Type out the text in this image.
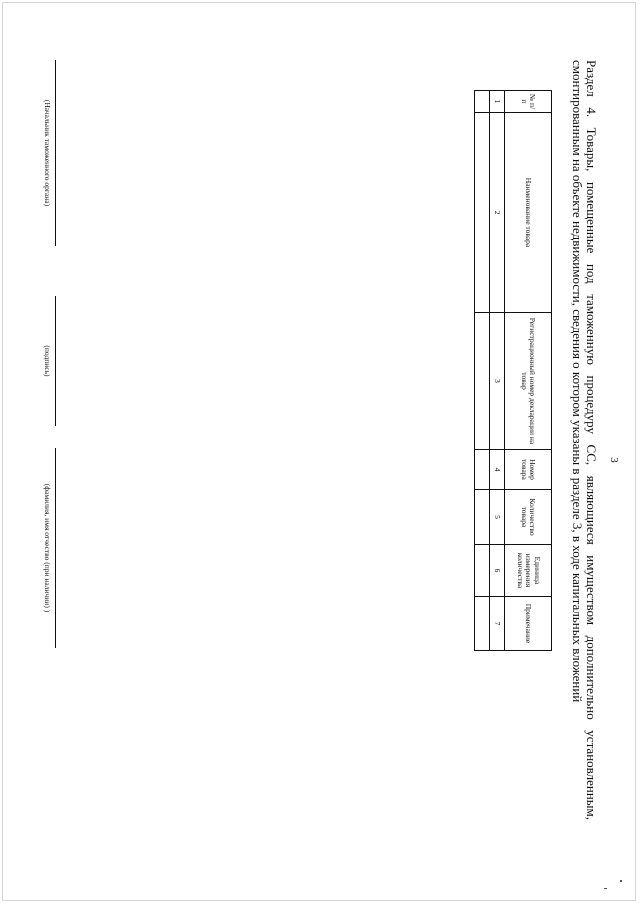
3
Раздел 4. Товары, помещенные под таможенную процедуру СС, являющиеся имуществом дополнительно установленным, смонтированным на объекте недвижимости, сведения о котором указаны в разделе 3, в ходе капитальных вложений
№ п/п	Наименование товара	Регистрационный номер декларации на товар	Номер товара	Количество товара	Единица измерения количества	Примечание
1	2	3	4	5	6	7

(Начальник таможенного органа)
(подпись)
(фамилия, имя отчество (при наличии) )
